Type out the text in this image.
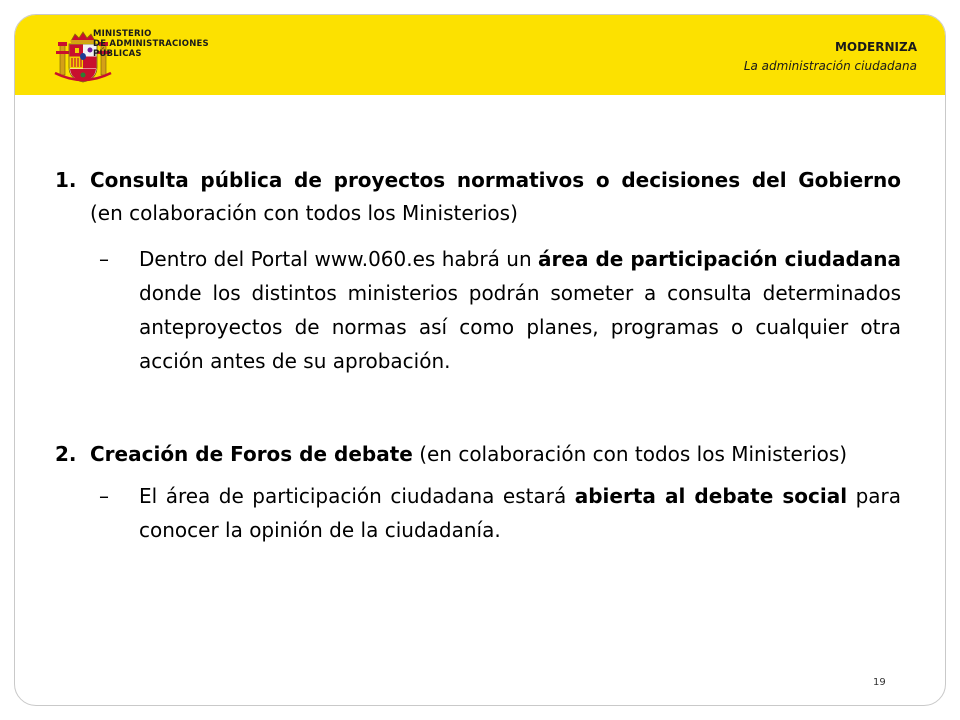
MINISTERIO
DE ADMINISTRACIONES
PÚBLICAS	MODERNIZA
La administración ciudadana
1. Consulta pública de proyectos normativos o decisiones del Gobierno (en colaboración con todos los Ministerios)
– Dentro del Portal www.060.es habrá un área de participación ciudadana donde los distintos ministerios podrán someter a consulta determinados anteproyectos de normas así como planes, programas o cualquier otra acción antes de su aprobación.
2. Creación de Foros de debate (en colaboración con todos los Ministerios)
– El área de participación ciudadana estará abierta al debate social para conocer la opinión de la ciudadanía.
19
